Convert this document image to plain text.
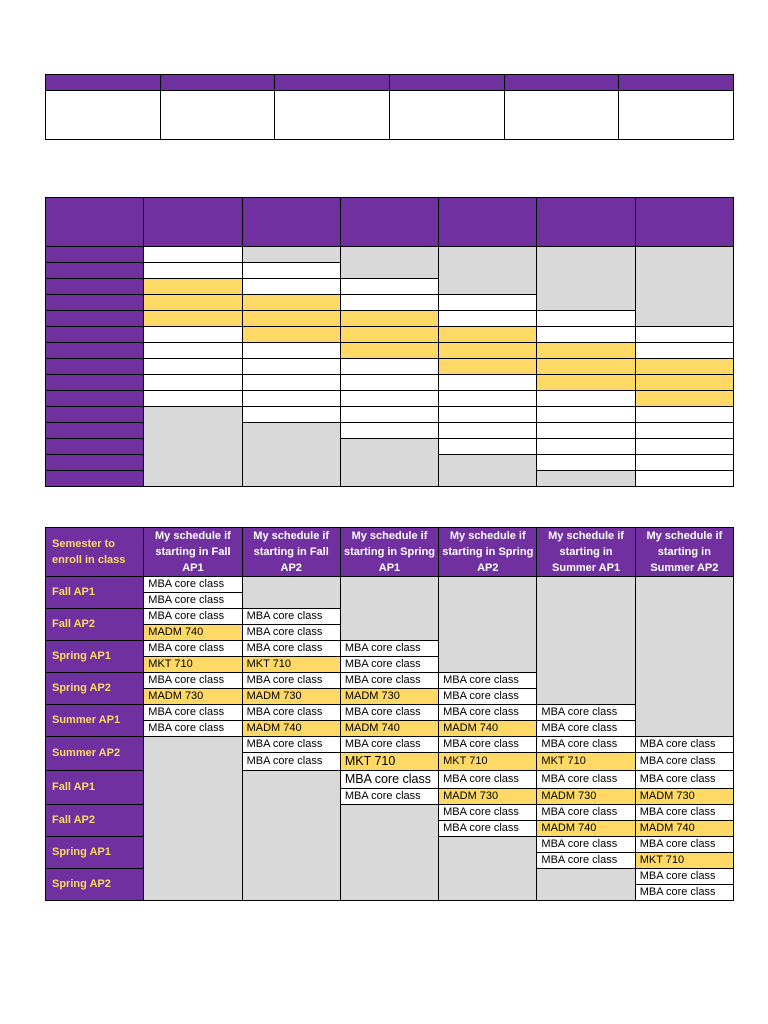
Semester to enroll in class	My schedule if starting in Fall AP1	My schedule if starting in Fall AP2	My schedule if starting in Spring AP1	My schedule if starting in Spring AP2	My schedule if starting in Summer AP1	My schedule if starting in Summer AP2
Fall AP1	MBA core class					
	MBA core class					
Fall AP2	MBA core class	MBA core class				
	MADM 740	MBA core class				
Spring AP1	MBA core class	MBA core class	MBA core class			
	MKT 710	MKT 710	MBA core class			
Spring AP2	MBA core class	MBA core class	MBA core class	MBA core class		
	MADM 730	MADM 730	MADM 730	MBA core class		
Summer AP1	MBA core class	MBA core class	MBA core class	MBA core class	MBA core class	
	MBA core class	MADM 740	MADM 740	MADM 740	MBA core class	
Summer AP2		MBA core class	MBA core class	MBA core class	MBA core class	MBA core class
		MBA core class	MKT 710	MKT 710	MKT 710	MBA core class
Fall AP1			MBA core class	MBA core class	MBA core class	MBA core class
			MBA core class	MADM 730	MADM 730	MADM 730
Fall AP2				MBA core class	MBA core class	MBA core class
				MBA core class	MADM 740	MADM 740
Spring AP1					MBA core class	MBA core class
					MBA core class	MKT 710
Spring AP2						MBA core class
						MBA core class
